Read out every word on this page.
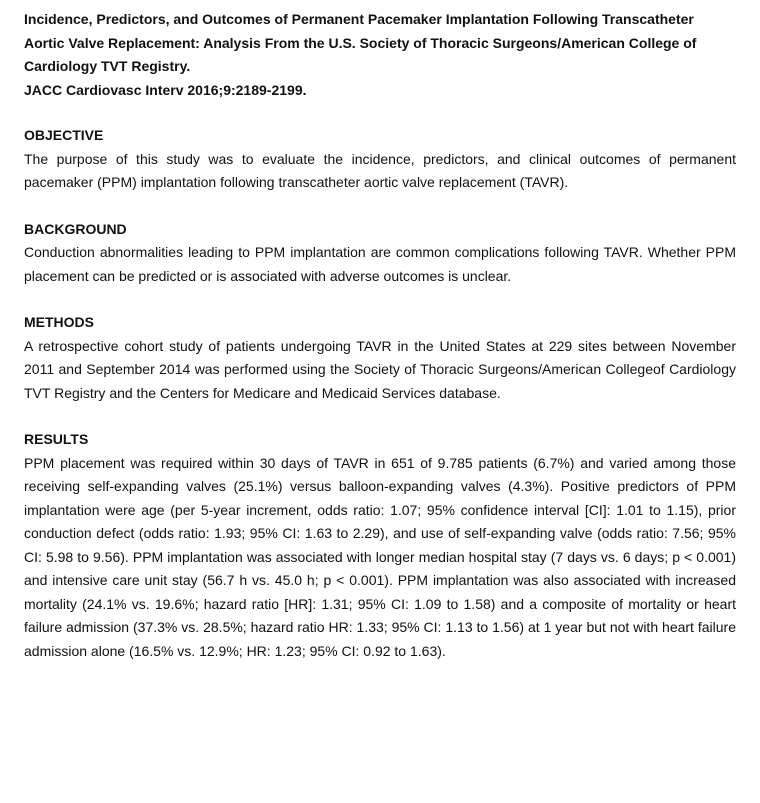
Incidence, Predictors, and Outcomes of Permanent Pacemaker Implantation Following Transcatheter
Aortic Valve Replacement: Analysis From the U.S. Society of Thoracic Surgeons/American College of
Cardiology TVT Registry.
JACC Cardiovasc Interv 2016;9:2189-2199.
OBJECTIVE
The purpose of this study was to evaluate the incidence, predictors, and clinical outcomes of permanent pacemaker (PPM) implantation following transcatheter aortic valve replacement (TAVR).
BACKGROUND
Conduction abnormalities leading to PPM implantation are common complications following TAVR. Whether PPM placement can be predicted or is associated with adverse outcomes is unclear.
METHODS
A retrospective cohort study of patients undergoing TAVR in the United States at 229 sites between November 2011 and September 2014 was performed using the Society of Thoracic Surgeons/American Collegeof Cardiology TVT Registry and the Centers for Medicare and Medicaid Services database.
RESULTS
PPM placement was required within 30 days of TAVR in 651 of 9.785 patients (6.7%) and varied among those receiving self-expanding valves (25.1%) versus balloon-expanding valves (4.3%). Positive predictors of PPM implantation were age (per 5-year increment, odds ratio: 1.07; 95% confidence interval [CI]: 1.01 to 1.15), prior conduction defect (odds ratio: 1.93; 95% CI: 1.63 to 2.29), and use of self-expanding valve (odds ratio: 7.56; 95% CI: 5.98 to 9.56). PPM implantation was associated with longer median hospital stay (7 days vs. 6 days; p < 0.001) and intensive care unit stay (56.7 h vs. 45.0 h; p < 0.001). PPM implantation was also associated with increased mortality (24.1% vs. 19.6%; hazard ratio [HR]: 1.31; 95% CI: 1.09 to 1.58) and a composite of mortality or heart failure admission (37.3% vs. 28.5%; hazard ratio HR: 1.33; 95% CI: 1.13 to 1.56) at 1 year but not with heart failure admission alone (16.5% vs. 12.9%; HR: 1.23; 95% CI: 0.92 to 1.63).
